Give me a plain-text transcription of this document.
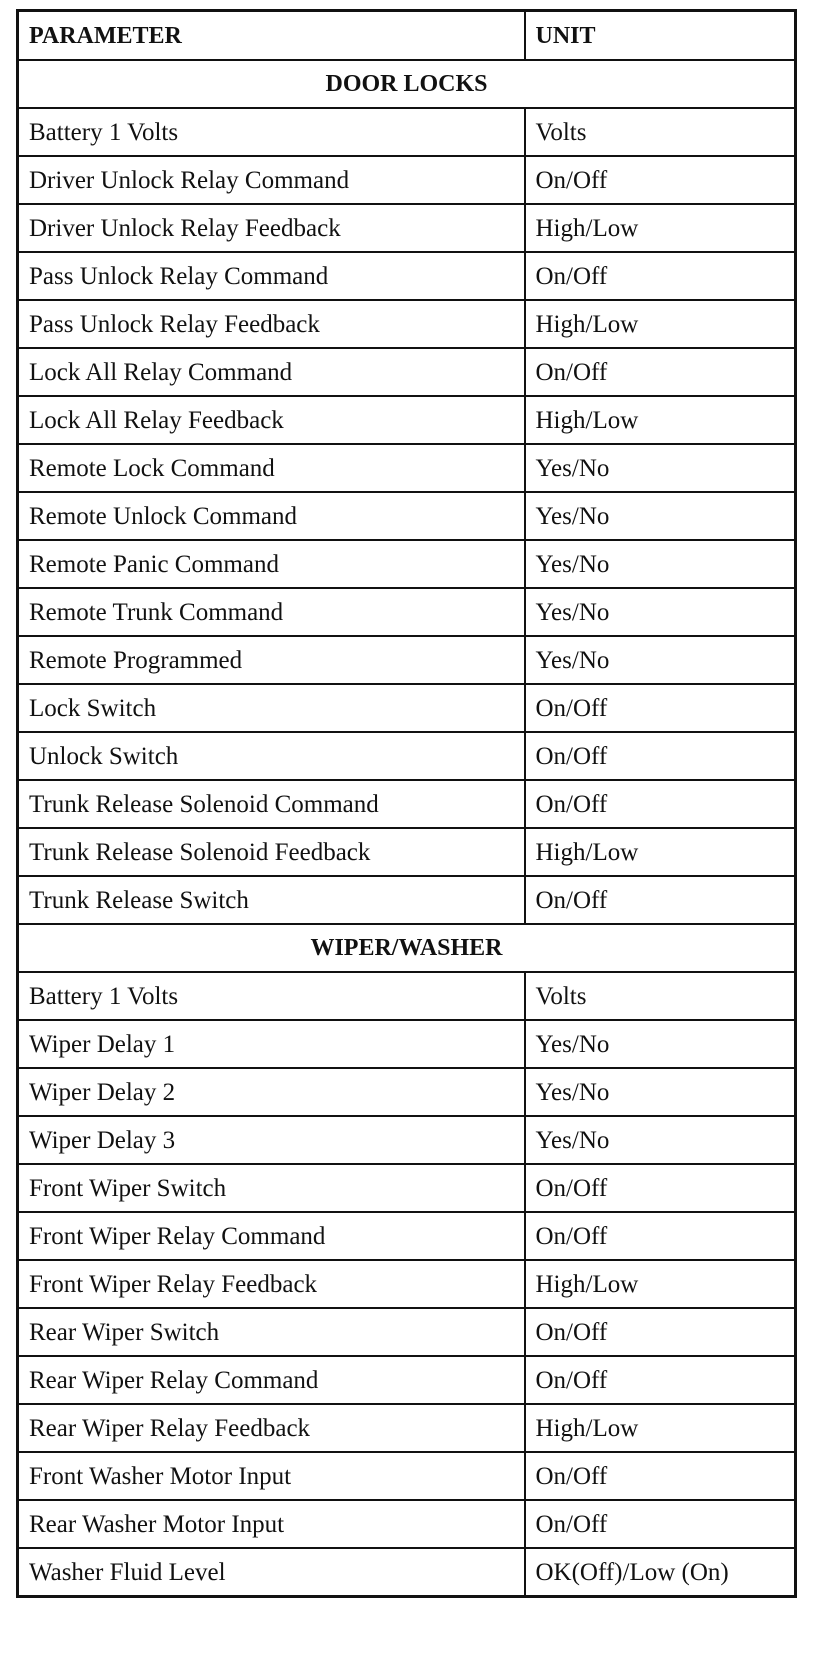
PARAMETER	UNIT
DOOR LOCKS	
Battery 1 Volts	Volts
Driver Unlock Relay Command	On/Off
Driver Unlock Relay Feedback	High/Low
Pass Unlock Relay Command	On/Off
Pass Unlock Relay Feedback	High/Low
Lock All Relay Command	On/Off
Lock All Relay Feedback	High/Low
Remote Lock Command	Yes/No
Remote Unlock Command	Yes/No
Remote Panic Command	Yes/No
Remote Trunk Command	Yes/No
Remote Programmed	Yes/No
Lock Switch	On/Off
Unlock Switch	On/Off
Trunk Release Solenoid Command	On/Off
Trunk Release Solenoid Feedback	High/Low
Trunk Release Switch	On/Off
WIPER/WASHER	
Battery 1 Volts	Volts
Wiper Delay 1	Yes/No
Wiper Delay 2	Yes/No
Wiper Delay 3	Yes/No
Front Wiper Switch	On/Off
Front Wiper Relay Command	On/Off
Front Wiper Relay Feedback	High/Low
Rear Wiper Switch	On/Off
Rear Wiper Relay Command	On/Off
Rear Wiper Relay Feedback	High/Low
Front Washer Motor Input	On/Off
Rear Washer Motor Input	On/Off
Washer Fluid Level	OK(Off)/Low (On)
